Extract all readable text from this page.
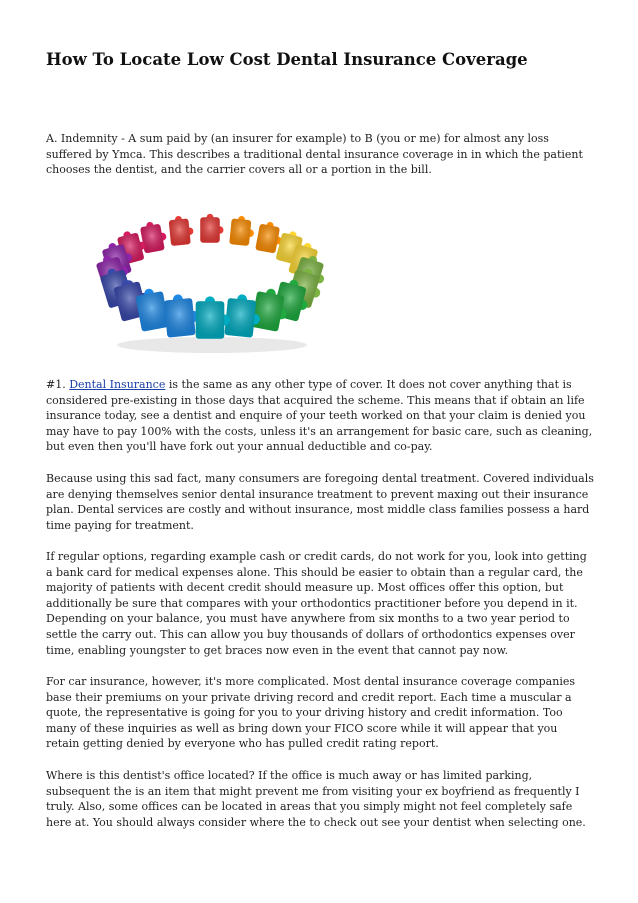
How To Locate Low Cost Dental Insurance Coverage

A. Indemnity - A sum paid by (an insurer for example) to B (you or me) for almost any loss suffered by Ymca. This describes a traditional dental insurance coverage in in which the patient chooses the dentist, and the carrier covers all or a portion in the bill.

#1. Dental Insurance is the same as any other type of cover. It does not cover anything that is considered pre-existing in those days that acquired the scheme. This means that if obtain an life insurance today, see a dentist and enquire of your teeth worked on that your claim is denied you may have to pay 100% with the costs, unless it's an arrangement for basic care, such as cleaning, but even then you'll have fork out your annual deductible and co-pay.

Because using this sad fact, many consumers are foregoing dental treatment. Covered individuals are denying themselves senior dental insurance treatment to prevent maxing out their insurance plan. Dental services are costly and without insurance, most middle class families possess a hard time paying for treatment.

If regular options, regarding example cash or credit cards, do not work for you, look into getting a bank card for medical expenses alone. This should be easier to obtain than a regular card, the majority of patients with decent credit should measure up. Most offices offer this option, but additionally be sure that compares with your orthodontics practitioner before you depend in it. Depending on your balance, you must have anywhere from six months to a two year period to settle the carry out. This can allow you buy thousands of dollars of orthodontics expenses over time, enabling youngster to get braces now even in the event that cannot pay now.

For car insurance, however, it's more complicated. Most dental insurance coverage companies base their premiums on your private driving record and credit report. Each time a muscular a quote, the representative is going for you to your driving history and credit information. Too many of these inquiries as well as bring down your FICO score while it will appear that you retain getting denied by everyone who has pulled credit rating report.

Where is this dentist's office located? If the office is much away or has limited parking, subsequent the is an item that might prevent me from visiting your ex boyfriend as frequently I truly. Also, some offices can be located in areas that you simply might not feel completely safe here at. You should always consider where the to check out see your dentist when selecting one.
